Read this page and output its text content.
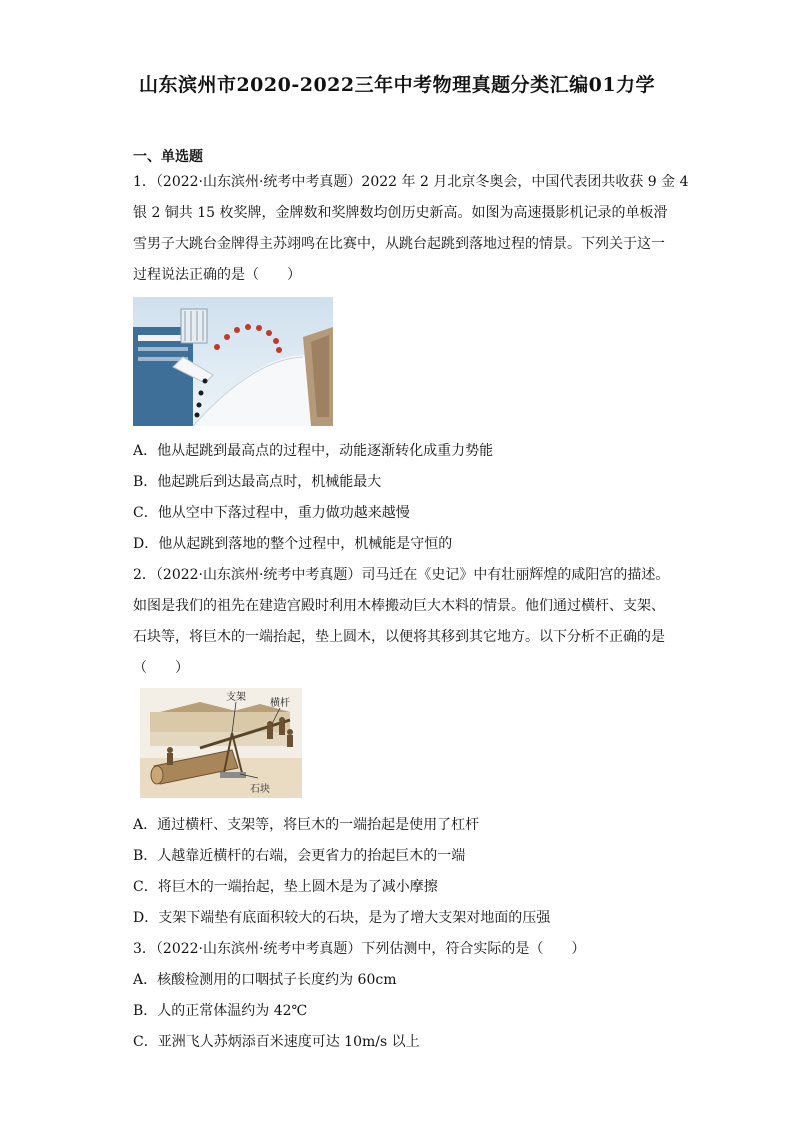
山东滨州市2020-2022三年中考物理真题分类汇编01力学
一、单选题
1．（2022·山东滨州·统考中考真题）2022 年 2 月北京冬奥会，中国代表团共收获 9 金 4
银 2 铜共 15 枚奖牌，金牌数和奖牌数均创历史新高。如图为高速摄影机记录的单板滑
雪男子大跳台金牌得主苏翊鸣在比赛中，从跳台起跳到落地过程的情景。下列关于这一
过程说法正确的是（　　）
A．他从起跳到最高点的过程中，动能逐渐转化成重力势能
B．他起跳后到达最高点时，机械能最大
C．他从空中下落过程中，重力做功越来越慢
D．他从起跳到落地的整个过程中，机械能是守恒的
2．（2022·山东滨州·统考中考真题）司马迁在《史记》中有壮丽辉煌的咸阳宫的描述。
如图是我们的祖先在建造宫殿时利用木棒搬动巨大木料的情景。他们通过横杆、支架、
石块等，将巨木的一端抬起，垫上圆木，以便将其移到其它地方。以下分析不正确的是
（　　）
支架
横杆
石块
A．通过横杆、支架等，将巨木的一端抬起是使用了杠杆
B．人越靠近横杆的右端，会更省力的抬起巨木的一端
C．将巨木的一端抬起，垫上圆木是为了减小摩擦
D．支架下端垫有底面积较大的石块，是为了增大支架对地面的压强
3．（2022·山东滨州·统考中考真题）下列估测中，符合实际的是（　　）
A．核酸检测用的口咽拭子长度约为 60cm
B．人的正常体温约为 42℃
C．亚洲飞人苏炳添百米速度可达 10m/s 以上
